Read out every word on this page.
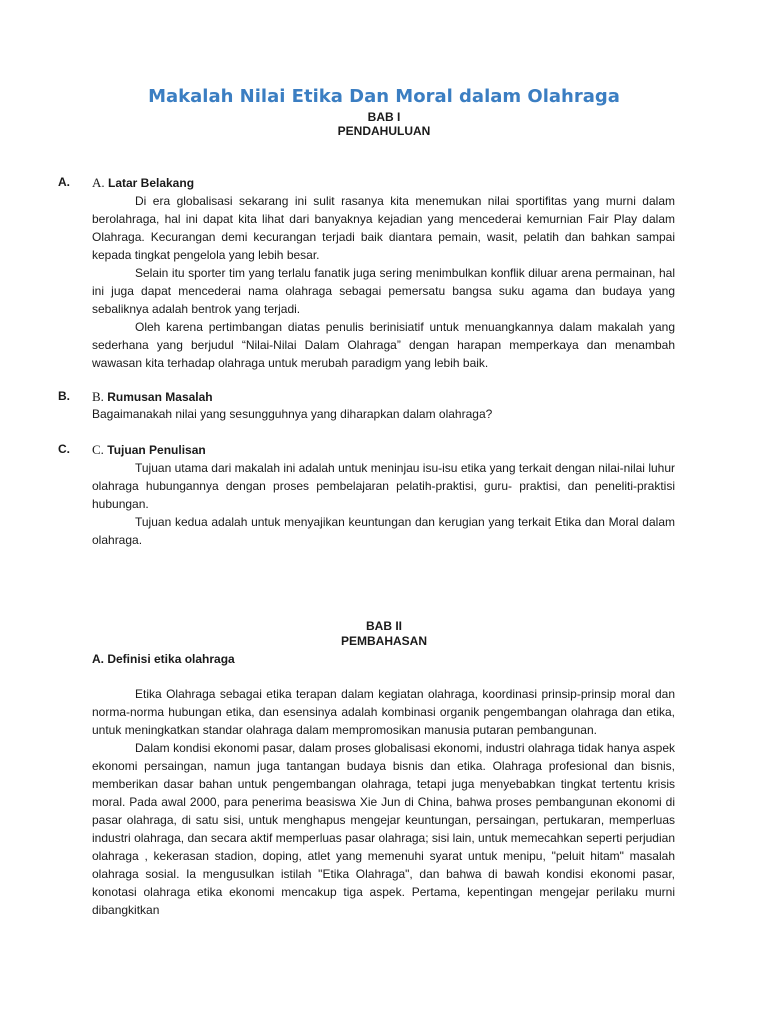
Makalah Nilai Etika Dan Moral dalam Olahraga

BAB I

PENDAHULUAN

A. A. Latar Belakang

Di era globalisasi sekarang ini sulit rasanya kita menemukan nilai sportifitas yang murni dalam berolahraga, hal ini dapat kita lihat dari banyaknya kejadian yang mencederai kemurnian Fair Play dalam Olahraga. Kecurangan demi kecurangan terjadi baik diantara pemain, wasit, pelatih dan bahkan sampai kepada tingkat pengelola yang lebih besar.

Selain itu sporter tim yang terlalu fanatik juga sering menimbulkan konflik diluar arena permainan, hal ini juga dapat mencederai nama olahraga sebagai pemersatu bangsa suku agama dan budaya yang sebaliknya adalah bentrok yang terjadi.

Oleh karena pertimbangan diatas penulis berinisiatif untuk menuangkannya dalam makalah yang sederhana yang berjudul “Nilai-Nilai Dalam Olahraga” dengan harapan memperkaya dan menambah wawasan kita terhadap olahraga untuk merubah paradigm yang lebih baik.

B. B. Rumusan Masalah

Bagaimanakah nilai yang sesungguhnya yang diharapkan dalam olahraga?

C. C. Tujuan Penulisan

Tujuan utama dari makalah ini adalah untuk meninjau isu-isu etika yang terkait dengan nilai-nilai luhur olahraga hubungannya dengan proses pembelajaran pelatih-praktisi, guru- praktisi, dan peneliti-praktisi hubungan.

Tujuan kedua adalah untuk menyajikan keuntungan dan kerugian yang terkait Etika dan Moral dalam olahraga.

BAB II

PEMBAHASAN

A. Definisi etika olahraga

Etika Olahraga sebagai etika terapan dalam kegiatan olahraga, koordinasi prinsip-prinsip moral dan norma-norma hubungan etika, dan esensinya adalah kombinasi organik pengembangan olahraga dan etika, untuk meningkatkan standar olahraga dalam mempromosikan manusia putaran pembangunan.

Dalam kondisi ekonomi pasar, dalam proses globalisasi ekonomi, industri olahraga tidak hanya aspek ekonomi persaingan, namun juga tantangan budaya bisnis dan etika. Olahraga profesional dan bisnis, memberikan dasar bahan untuk pengembangan olahraga, tetapi juga menyebabkan tingkat tertentu krisis moral. Pada awal 2000, para penerima beasiswa Xie Jun di China, bahwa proses pembangunan ekonomi di pasar olahraga, di satu sisi, untuk menghapus mengejar keuntungan, persaingan, pertukaran, memperluas industri olahraga, dan secara aktif memperluas pasar olahraga; sisi lain, untuk memecahkan seperti perjudian olahraga , kekerasan stadion, doping, atlet yang memenuhi syarat untuk menipu, "peluit hitam" masalah olahraga sosial. Ia mengusulkan istilah "Etika Olahraga", dan bahwa di bawah kondisi ekonomi pasar, konotasi olahraga etika ekonomi mencakup tiga aspek. Pertama, kepentingan mengejar perilaku murni dibangkitkan
